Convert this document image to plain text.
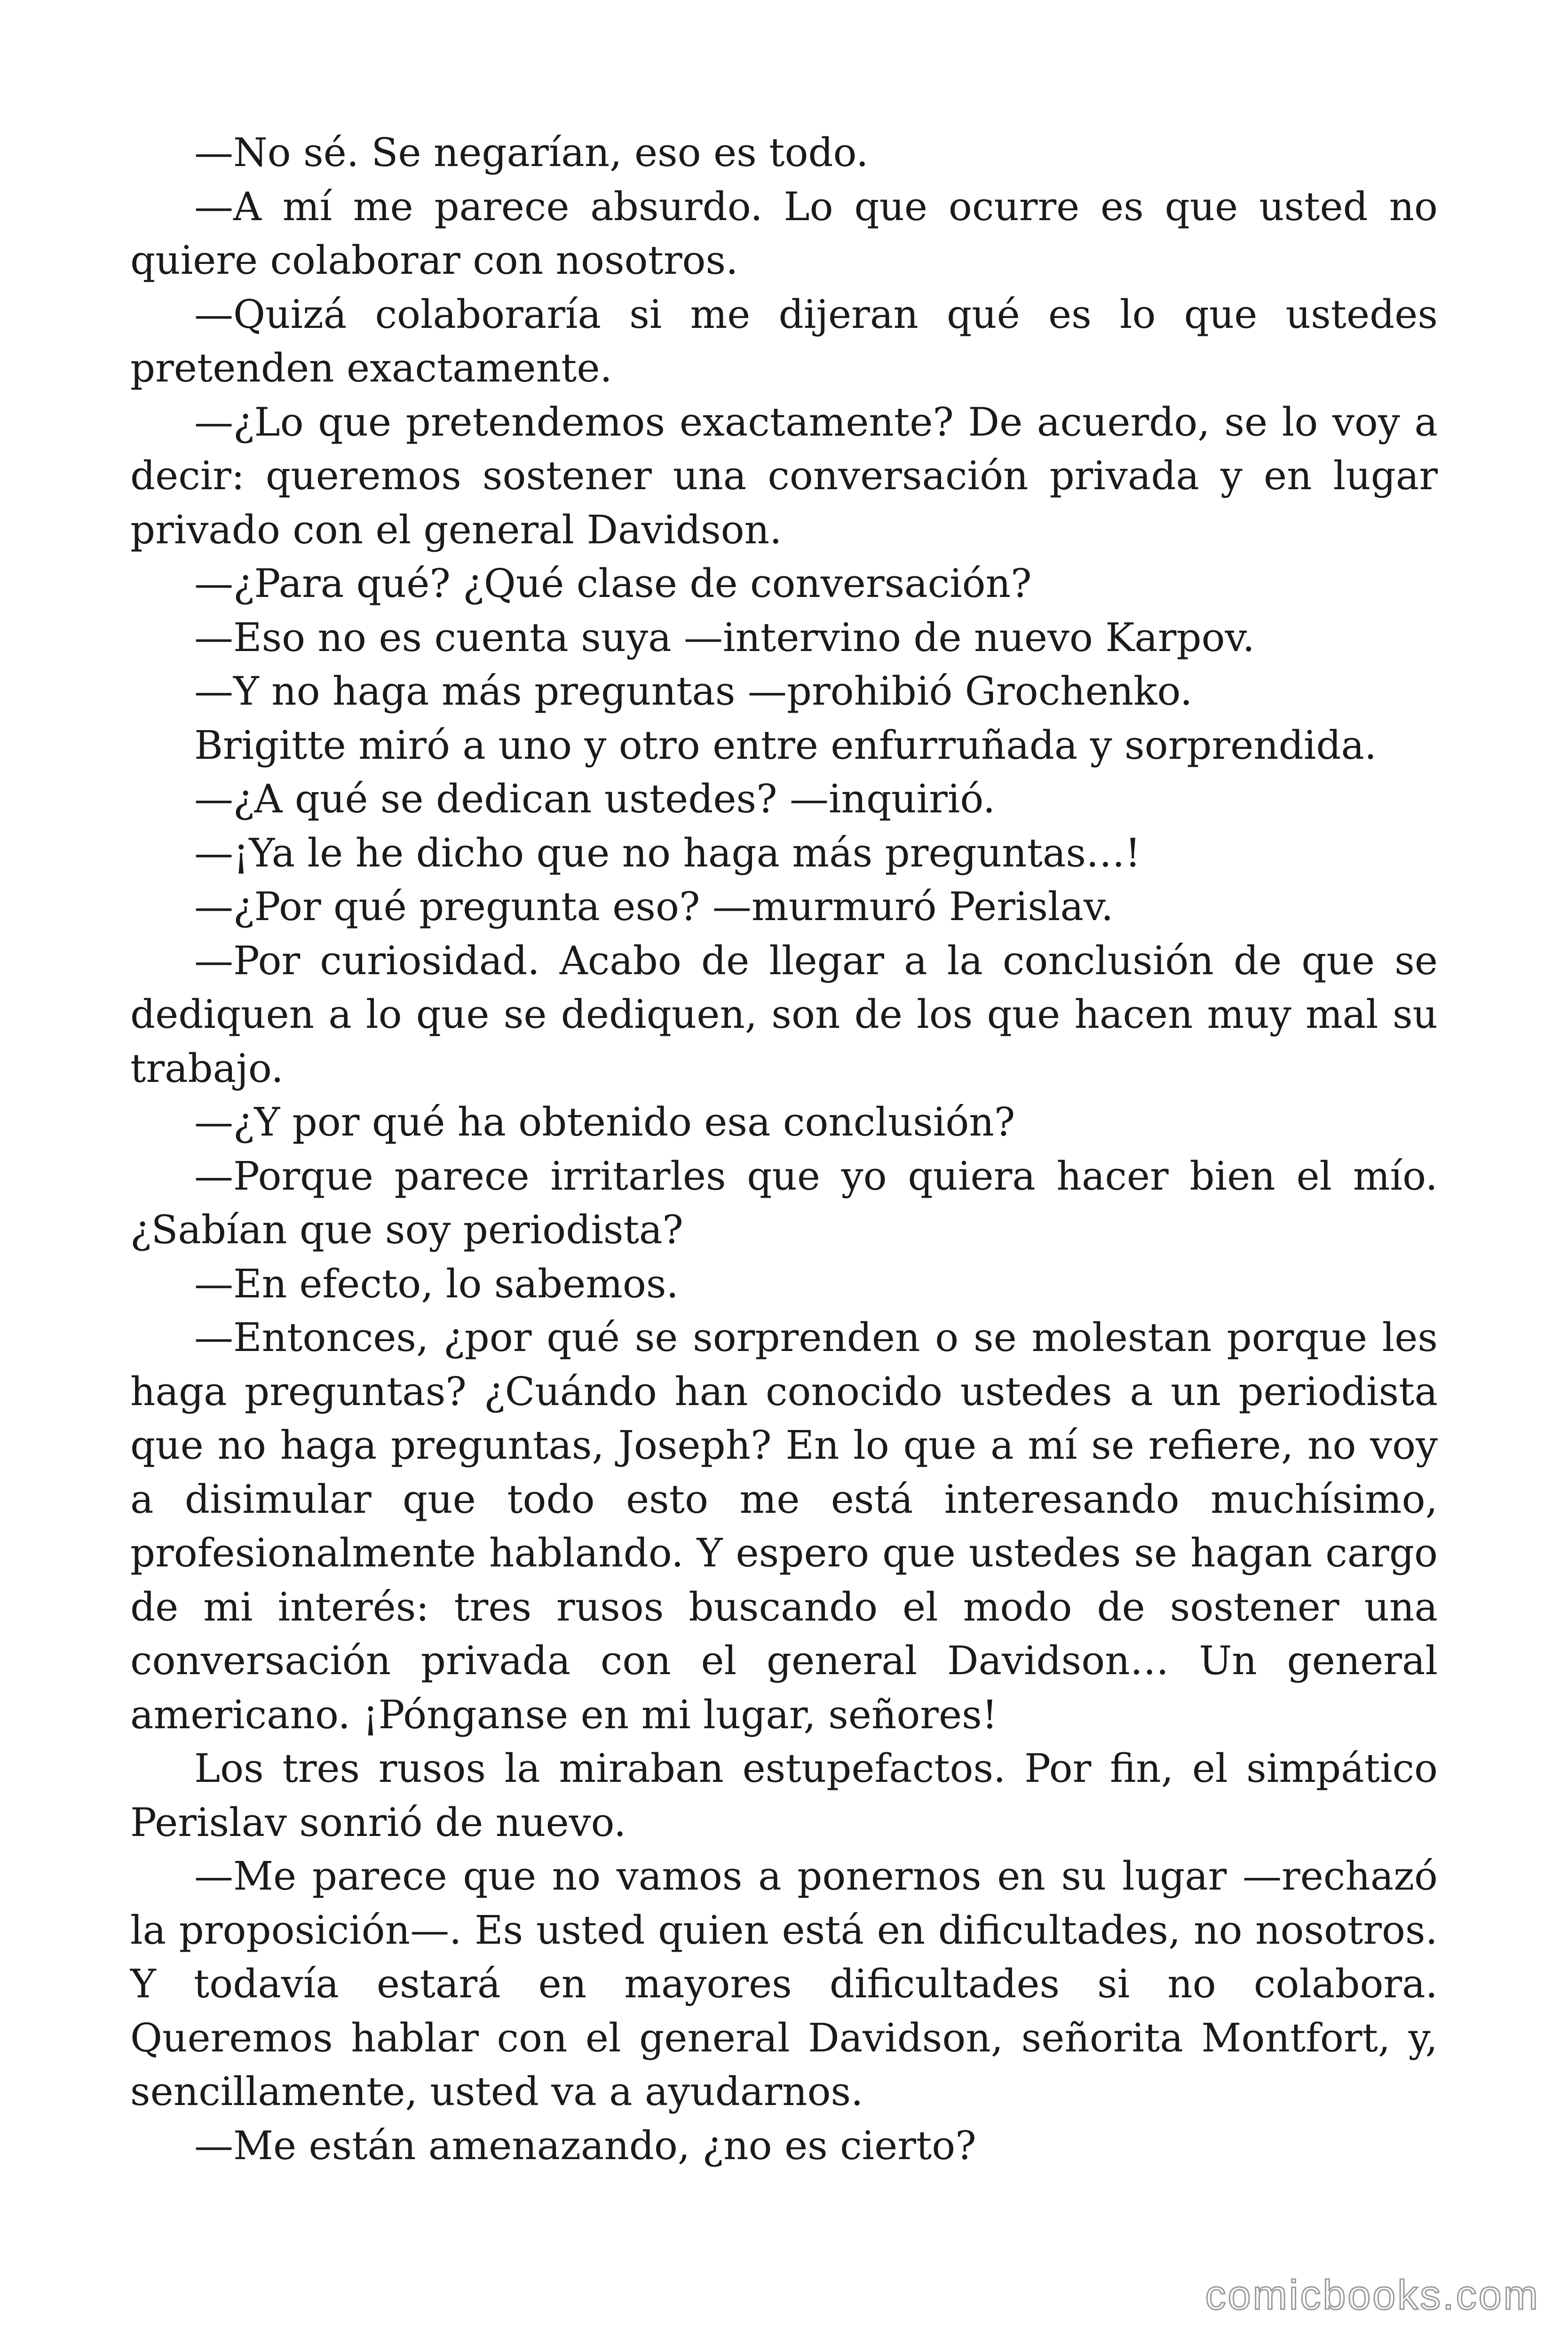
—No sé. Se negarían, eso es todo.

—A mí me parece absurdo. Lo que ocurre es que usted no quiere colaborar con nosotros.

—Quizá colaboraría si me dijeran qué es lo que ustedes pretenden exactamente.

—¿Lo que pretendemos exactamente? De acuerdo, se lo voy a decir: queremos sostener una conversación privada y en lugar privado con el general Davidson.

—¿Para qué? ¿Qué clase de conversación?

—Eso no es cuenta suya —intervino de nuevo Karpov.

—Y no haga más preguntas —prohibió Grochenko.

Brigitte miró a uno y otro entre enfurruñada y sorprendida.

—¿A qué se dedican ustedes? —inquirió.

—¡Ya le he dicho que no haga más preguntas…!

—¿Por qué pregunta eso? —murmuró Perislav.

—Por curiosidad. Acabo de llegar a la conclusión de que se dediquen a lo que se dediquen, son de los que hacen muy mal su trabajo.

—¿Y por qué ha obtenido esa conclusión?

—Porque parece irritarles que yo quiera hacer bien el mío. ¿Sabían que soy periodista?

—En efecto, lo sabemos.

—Entonces, ¿por qué se sorprenden o se molestan porque les haga preguntas? ¿Cuándo han conocido ustedes a un periodista que no haga preguntas, Joseph? En lo que a mí se refiere, no voy a disimular que todo esto me está interesando muchísimo, profesionalmente hablando. Y espero que ustedes se hagan cargo de mi interés: tres rusos buscando el modo de sostener una conversación privada con el general Davidson… Un general americano. ¡Pónganse en mi lugar, señores!

Los tres rusos la miraban estupefactos. Por fin, el simpático Perislav sonrió de nuevo.

—Me parece que no vamos a ponernos en su lugar —rechazó la proposición—. Es usted quien está en dificultades, no nosotros. Y todavía estará en mayores dificultades si no colabora. Queremos hablar con el general Davidson, señorita Montfort, y, sencillamente, usted va a ayudarnos.

—Me están amenazando, ¿no es cierto?

comicbooks.com
